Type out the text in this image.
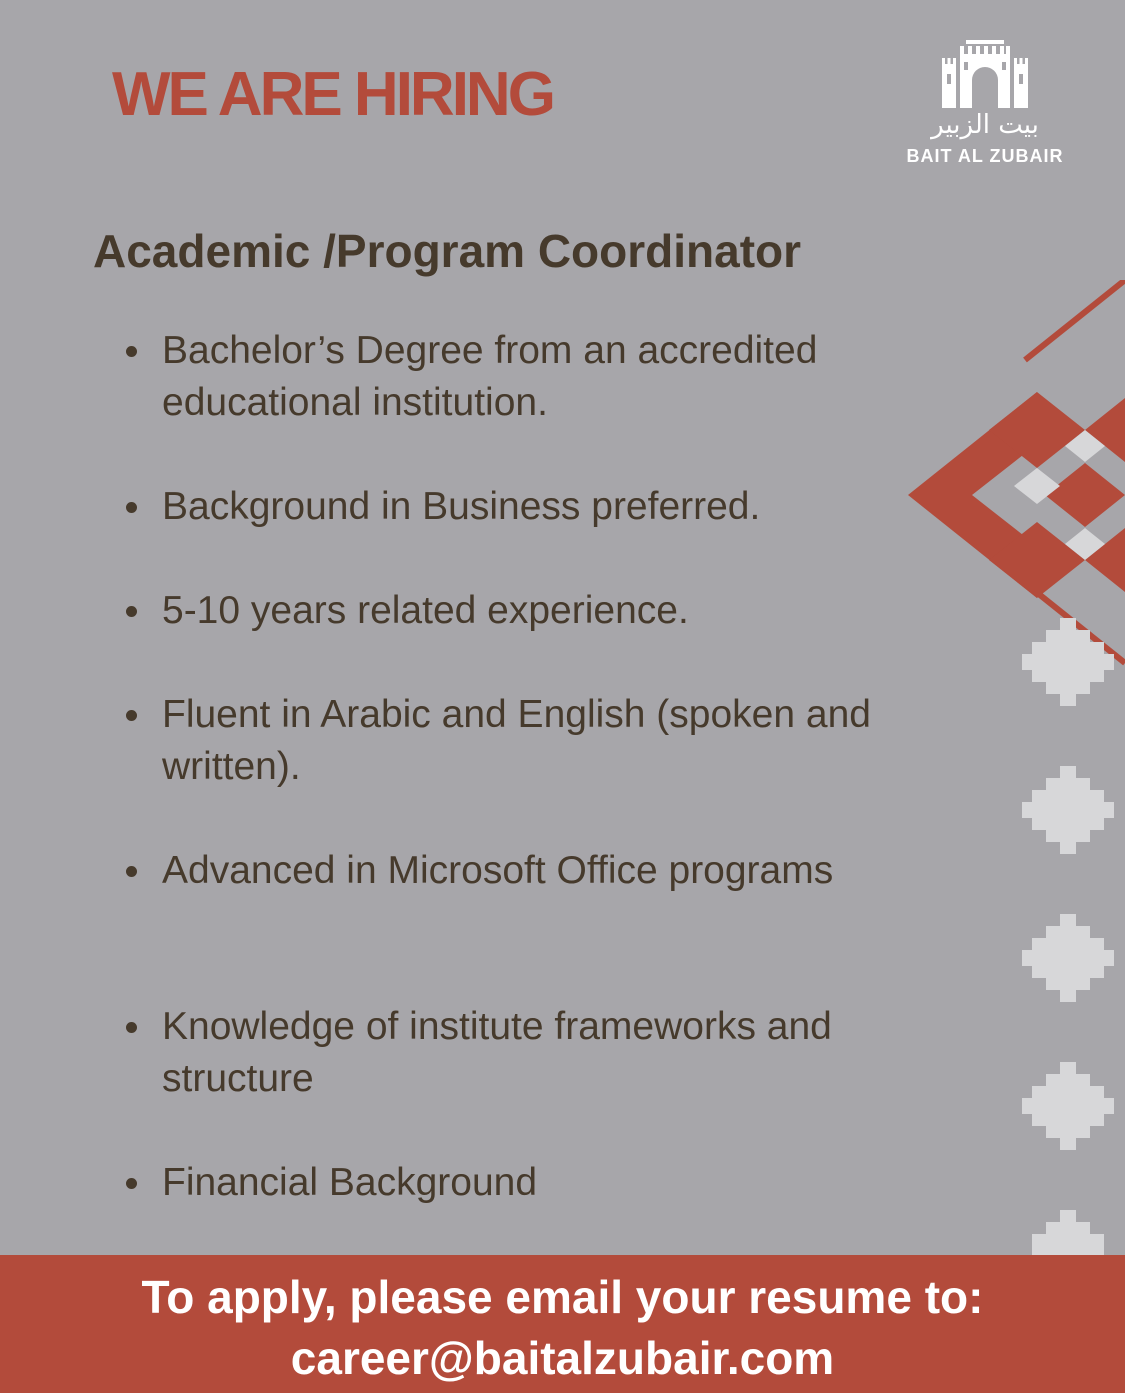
WE ARE HIRING	بيت الزبير
BAIT AL ZUBAIR
Academic /Program Coordinator
Bachelor’s Degree from an accredited educational institution.
Background in Business preferred.
5-10 years related experience.
Fluent in Arabic and English (spoken and written).
Advanced in Microsoft Office programs
Knowledge of institute frameworks and structure
Financial Background
To apply, please email your resume to:
career@baitalzubair.com
